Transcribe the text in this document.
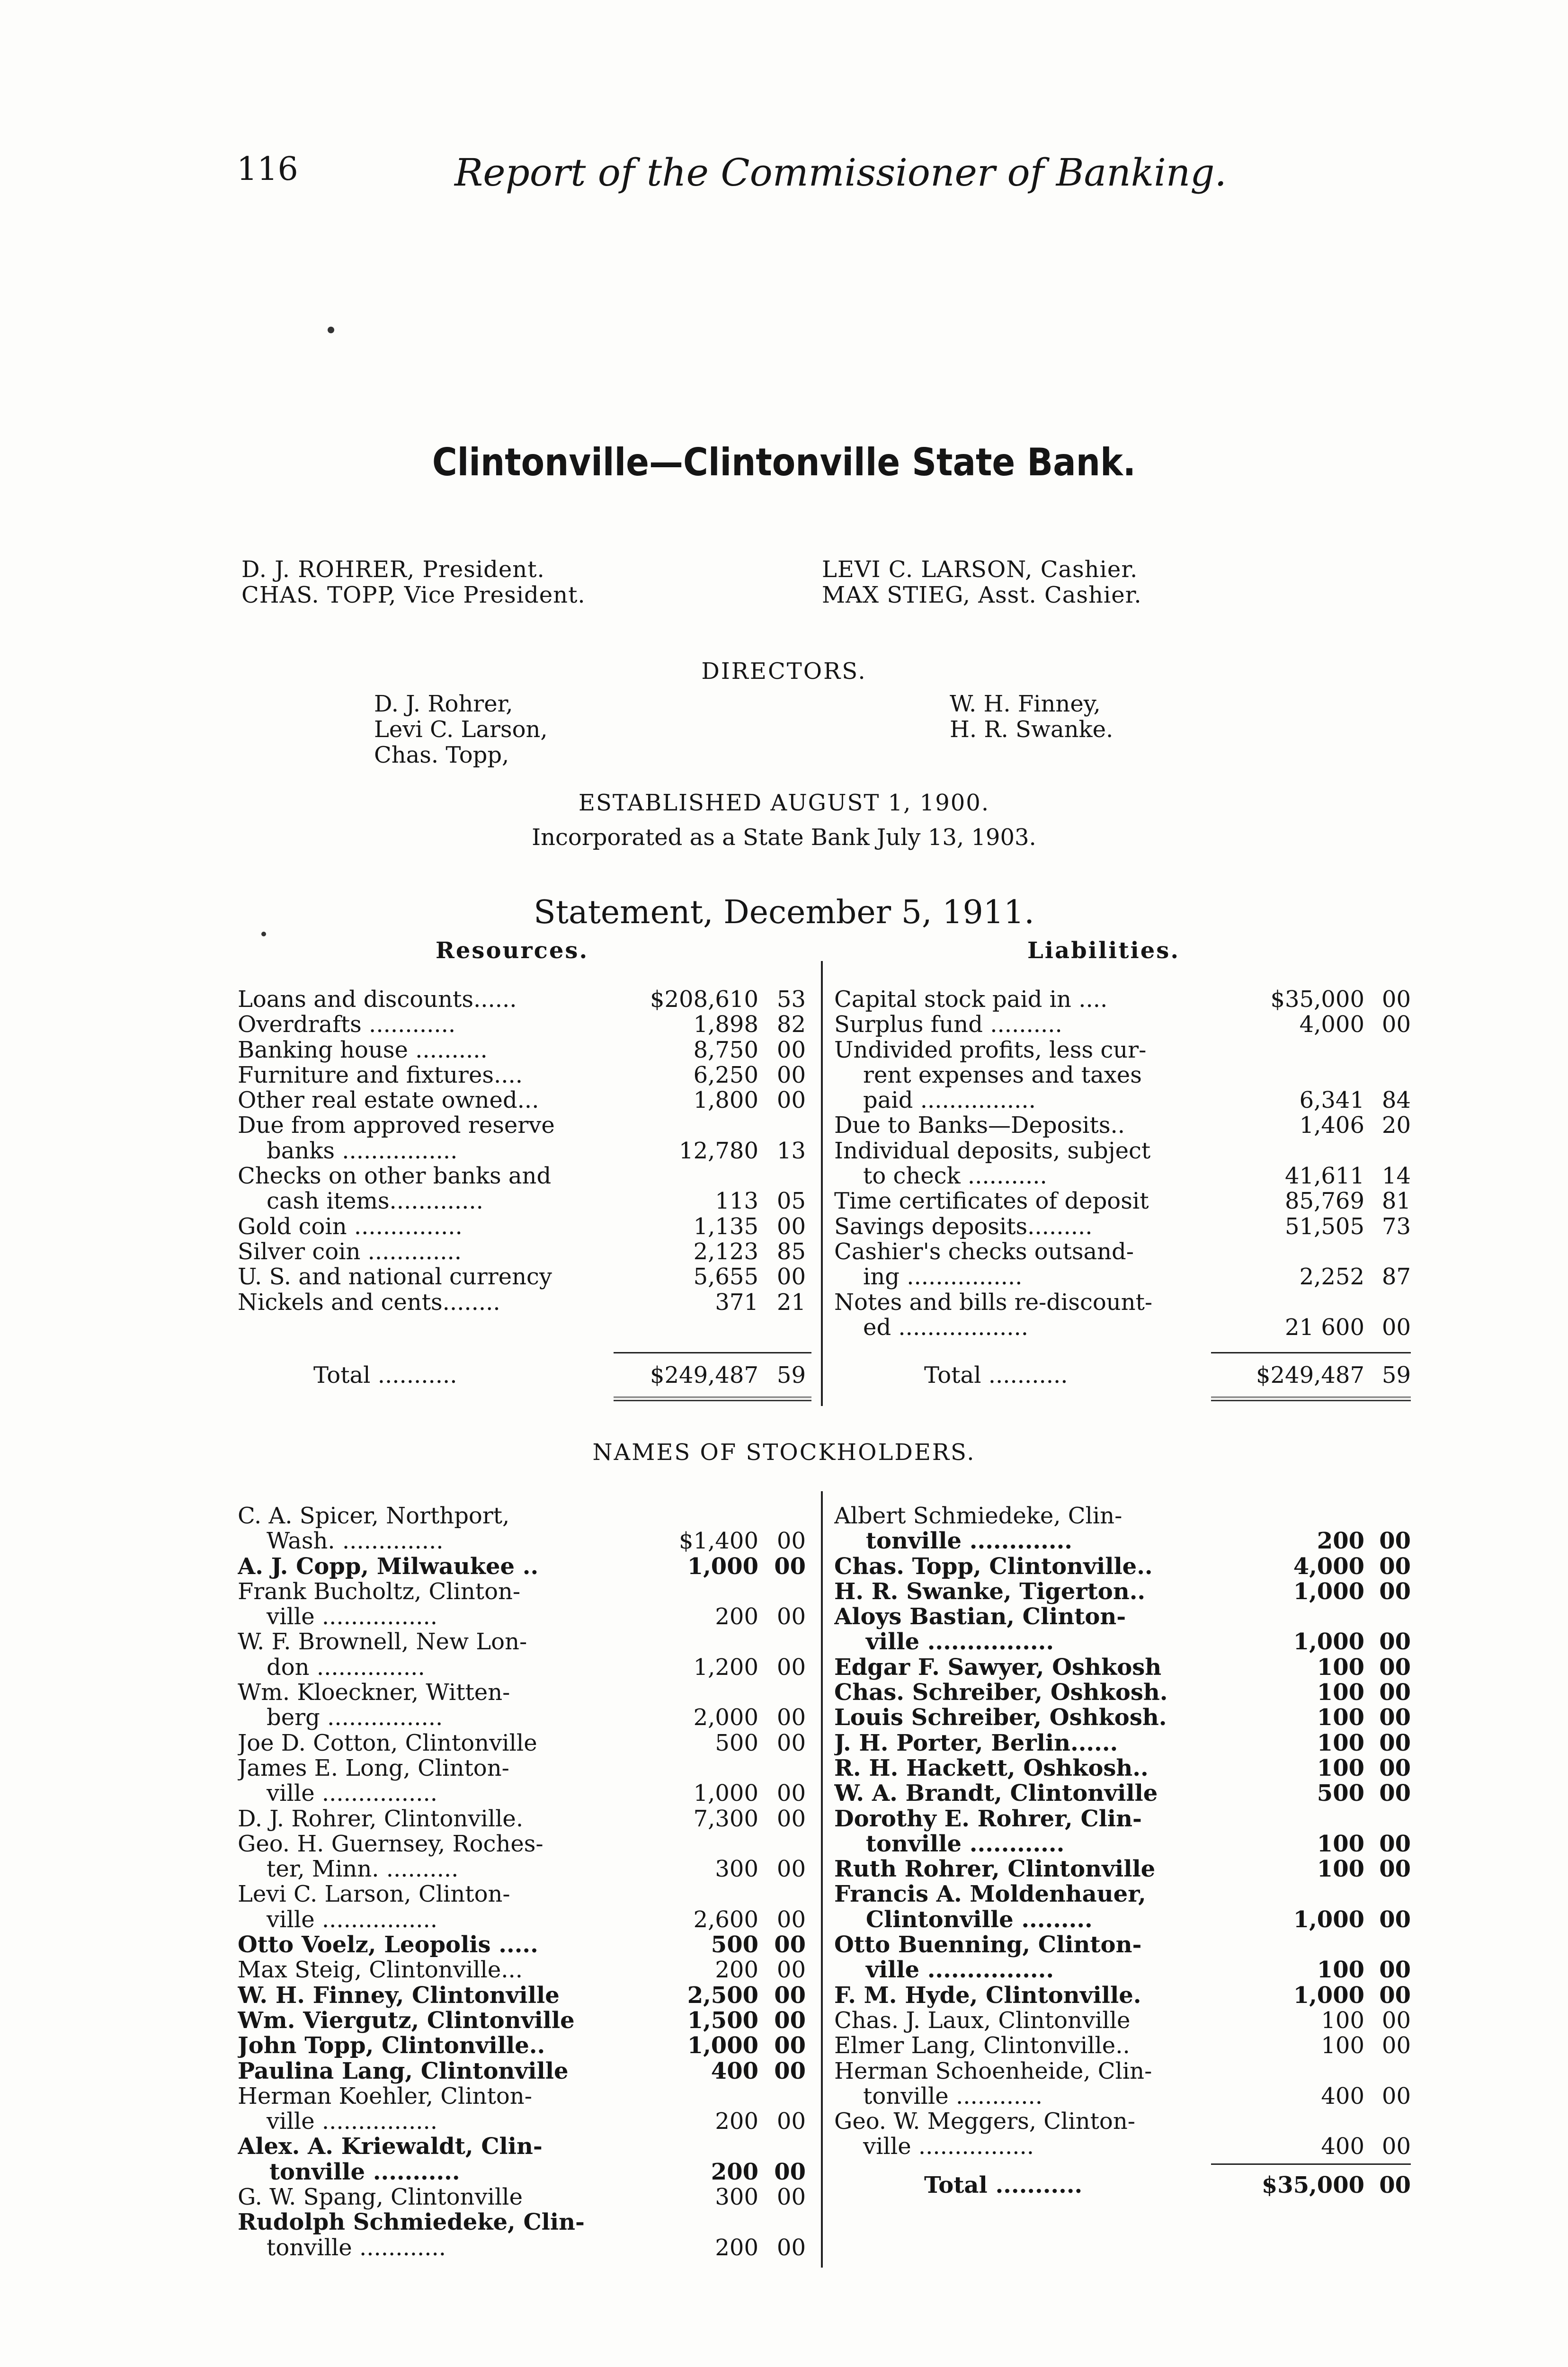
116	Report of the Commissioner of Banking.
Clintonville—Clintonville State Bank.
D. J. ROHRER, President.
CHAS. TOPP, Vice President.
LEVI C. LARSON, Cashier.
MAX STIEG, Asst. Cashier.
DIRECTORS.
D. J. Rohrer,
Levi C. Larson,
Chas. Topp,
W. H. Finney,
H. R. Swanke.
ESTABLISHED AUGUST 1, 1900.
Incorporated as a State Bank July 13, 1903.
Statement, December 5, 1911.
Resources.	Liabilities.
Loans and discounts......	$208,610 53
Overdrafts ............	1,898 82
Banking house ..........	8,750 00
Furniture and fixtures....	6,250 00
Other real estate owned...	1,800 00
Due from approved reserve
banks ................	12,780 13
Checks on other banks and
cash items.............	113 05
Gold coin ...............	1,135 00
Silver coin .............	2,123 85
U. S. and national currency	5,655 00
Nickels and cents........	371 21
Total ...........	$249,487 59
Capital stock paid in ....	$35,000 00
Surplus fund ..........	4,000 00
Undivided profits, less cur-
rent expenses and taxes
paid ................	6,341 84
Due to Banks—Deposits..	1,406 20
Individual deposits, subject
to check ...........	41,611 14
Time certificates of deposit	85,769 81
Savings deposits.........	51,505 73
Cashier's checks outsand-
ing ................	2,252 87
Notes and bills re-discount-
ed ..................	21 600 00
Total ...........	$249,487 59
NAMES OF STOCKHOLDERS.
C. A. Spicer, Northport,
Wash. ..............	$1,400 00
A. J. Copp, Milwaukee ..	1,000 00
Frank Bucholtz, Clinton-
ville ................	200 00
W. F. Brownell, New Lon-
don ...............	1,200 00
Wm. Kloeckner, Witten-
berg ................	2,000 00
Joe D. Cotton, Clintonville	500 00
James E. Long, Clinton-
ville ................	1,000 00
D. J. Rohrer, Clintonville.	7,300 00
Geo. H. Guernsey, Roches-
ter, Minn. ..........	300 00
Levi C. Larson, Clinton-
ville ................	2,600 00
Otto Voelz, Leopolis .....	500 00
Max Steig, Clintonville...	200 00
W. H. Finney, Clintonville	2,500 00
Wm. Viergutz, Clintonville	1,500 00
John Topp, Clintonville..	1,000 00
Paulina Lang, Clintonville	400 00
Herman Koehler, Clinton-
ville ................	200 00
Alex. A. Kriewaldt, Clin-
tonville ...........	200 00
G. W. Spang, Clintonville	300 00
Rudolph Schmiedeke, Clin-
tonville ............	200 00
Albert Schmiedeke, Clin-
tonville .............	200 00
Chas. Topp, Clintonville..	4,000 00
H. R. Swanke, Tigerton..	1,000 00
Aloys Bastian, Clinton-
ville ................	1,000 00
Edgar F. Sawyer, Oshkosh	100 00
Chas. Schreiber, Oshkosh.	100 00
Louis Schreiber, Oshkosh.	100 00
J. H. Porter, Berlin......	100 00
R. H. Hackett, Oshkosh..	100 00
W. A. Brandt, Clintonville	500 00
Dorothy E. Rohrer, Clin-
tonville ............	100 00
Ruth Rohrer, Clintonville	100 00
Francis A. Moldenhauer,
Clintonville .........	1,000 00
Otto Buenning, Clinton-
ville ................	100 00
F. M. Hyde, Clintonville.	1,000 00
Chas. J. Laux, Clintonville	100 00
Elmer Lang, Clintonville..	100 00
Herman Schoenheide, Clin-
tonville ............	400 00
Geo. W. Meggers, Clinton-
ville ................	400 00
Total ...........	$35,000 00
